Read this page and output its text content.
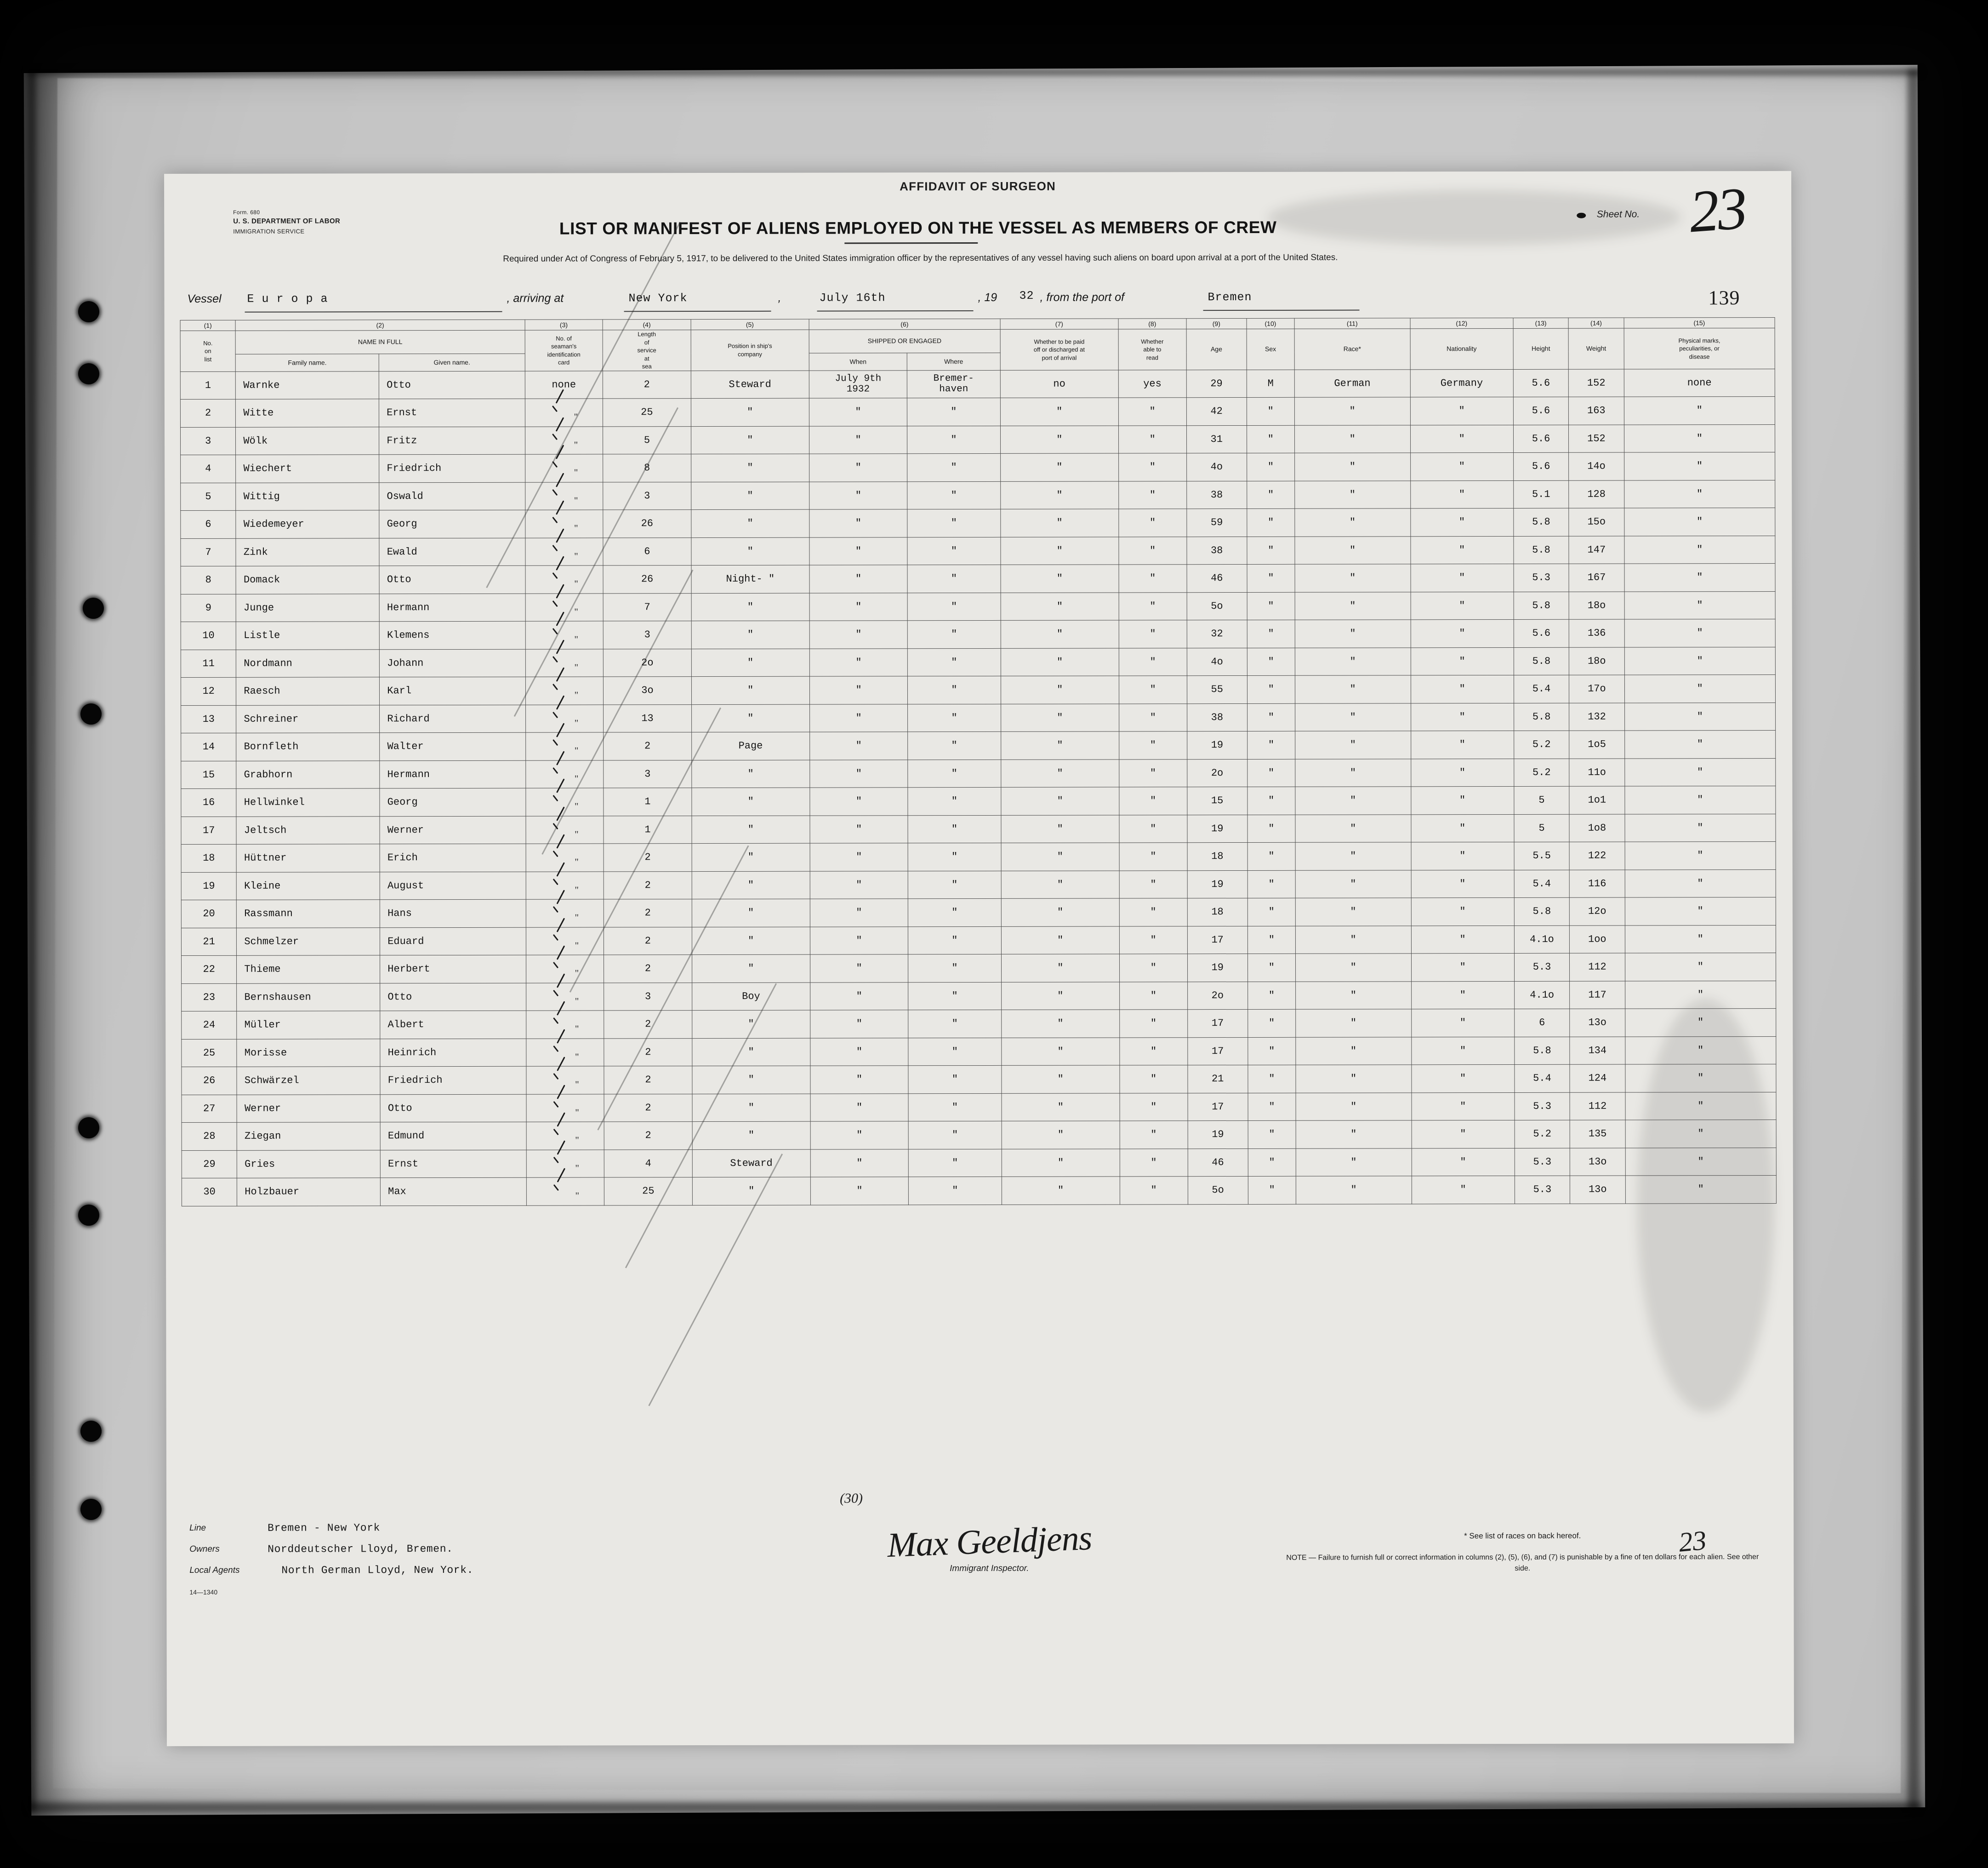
AFFIDAVIT OF SURGEON
Form. 680
U. S. DEPARTMENT OF LABOR
IMMIGRATION SERVICE	LIST OR MANIFEST OF ALIENS EMPLOYED ON THE VESSEL AS MEMBERS OF CREW
Required under Act of Congress of February 5, 1917, to be delivered to the United States immigration officer by the representatives of any vessel having such aliens on board upon arrival at a port of the United States.
Sheet No. 23
139
Vessel E u r o p a	, arriving at	New York	,	July 16th	, 19 32 , from the port of	Bremen
(1)	(2)		(3)	(4)	(5)	(6)		(7)	(8)	(9)	(10)	(11)	(12)	(13)	(14)	(15)
No.
on
list	NAME IN FULL		No. of
seaman's
identification
card	Length
of
service
at
sea	Position in ship's
company	SHIPPED OR ENGAGED		Whether to be paid
off or discharged at
port of arrival	Whether
able to
read	Age	Sex	Race*	Nationality	Height	Weight	Physical marks,
peculiarities, or
disease
	Family name.	Given name.				When	Where									
1	Warnke	Otto	none	2	Steward	July 9th
1932	Bremer-
haven	no	yes	29	M	German	Germany	5.6	152	none
2	Witte	Ernst	"	25	"	"	"	"	"	42	"	"	"	5.6	163	"
3	Wölk	Fritz	"	5	"	"	"	"	"	31	"	"	"	5.6	152	"
4	Wiechert	Friedrich	"	8	"	"	"	"	"	4o	"	"	"	5.6	14o	"
5	Wittig	Oswald	"	3	"	"	"	"	"	38	"	"	"	5.1	128	"
6	Wiedemeyer	Georg	"	26	"	"	"	"	"	59	"	"	"	5.8	15o	"
7	Zink	Ewald	"	6	"	"	"	"	"	38	"	"	"	5.8	147	"
8	Domack	Otto	"	26	Night- "	"	"	"	"	46	"	"	"	5.3	167	"
9	Junge	Hermann	"	7	"	"	"	"	"	5o	"	"	"	5.8	18o	"
10	Listle	Klemens	"	3	"	"	"	"	"	32	"	"	"	5.6	136	"
11	Nordmann	Johann	"	2o	"	"	"	"	"	4o	"	"	"	5.8	18o	"
12	Raesch	Karl	"	3o	"	"	"	"	"	55	"	"	"	5.4	17o	"
13	Schreiner	Richard	"	13	"	"	"	"	"	38	"	"	"	5.8	132	"
14	Bornfleth	Walter	"	2	Page	"	"	"	"	19	"	"	"	5.2	1o5	"
15	Grabhorn	Hermann	"	3	"	"	"	"	"	2o	"	"	"	5.2	11o	"
16	Hellwinkel	Georg	"	1	"	"	"	"	"	15	"	"	"	5	1o1	"
17	Jeltsch	Werner	"	1	"	"	"	"	"	19	"	"	"	5	1o8	"
18	Hüttner	Erich	"	2	"	"	"	"	"	18	"	"	"	5.5	122	"
19	Kleine	August	"	2	"	"	"	"	"	19	"	"	"	5.4	116	"
20	Rassmann	Hans	"	2	"	"	"	"	"	18	"	"	"	5.8	12o	"
21	Schmelzer	Eduard	"	2	"	"	"	"	"	17	"	"	"	4.1o	1oo	"
22	Thieme	Herbert	"	2	"	"	"	"	"	19	"	"	"	5.3	112	"
23	Bernshausen	Otto	"	3	Boy	"	"	"	"	2o	"	"	"	4.1o	117	"
24	Müller	Albert	"	2	"	"	"	"	"	17	"	"	"	6	13o	"
25	Morisse	Heinrich	"	2	"	"	"	"	"	17	"	"	"	5.8	134	"
26	Schwärzel	Friedrich	"	2	"	"	"	"	"	21	"	"	"	5.4	124	"
27	Werner	Otto	"	2	"	"	"	"	"	17	"	"	"	5.3	112	"
28	Ziegan	Edmund	"	2	"	"	"	"	"	19	"	"	"	5.2	135	"
29	Gries	Ernst	"	4	Steward	"	"	"	"	46	"	"	"	5.3	13o	"
30	Holzbauer	Max	"	25	"	"	"	"	"	5o	"	"	"	5.3	13o	"
(30)
Line	Bremen - New York
Owners	Norddeutscher Lloyd, Bremen.
Local Agents	North German Lloyd, New York.
14—1340
Max Geeldjens
Immigrant Inspector.
* See list of races on back hereof.
NOTE — Failure to furnish full or correct information in columns (2), (5), (6), and (7) is punishable by a fine of ten dollars for each alien. See other side.
23
